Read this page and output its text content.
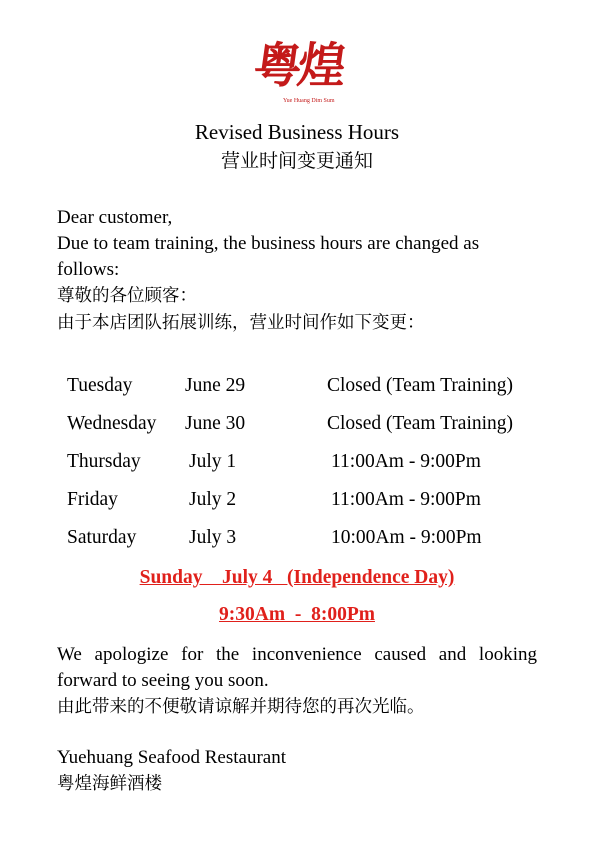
粤煌
Yue Huang Dim Sum
Revised Business Hours
营业时间变更通知
Dear customer,
Due to team training, the business hours are changed as follows:
尊敬的各位顾客：
由于本店团队拓展训练，营业时间作如下变更：
Tuesday	June 29	Closed (Team Training)
Wednesday June 30	Closed (Team Training)
Thursday July 1	11:00Am - 9:00Pm
Friday	July 2	11:00Am - 9:00Pm
Saturday	July 3	10:00Am - 9:00Pm
Sunday    July 4   (Independence Day)
9:30Am  -  8:00Pm
We apologize for the inconvenience caused and looking forward to seeing you soon.
由此带来的不便敬请谅解并期待您的再次光临。
Yuehuang Seafood Restaurant
粤煌海鲜酒楼
